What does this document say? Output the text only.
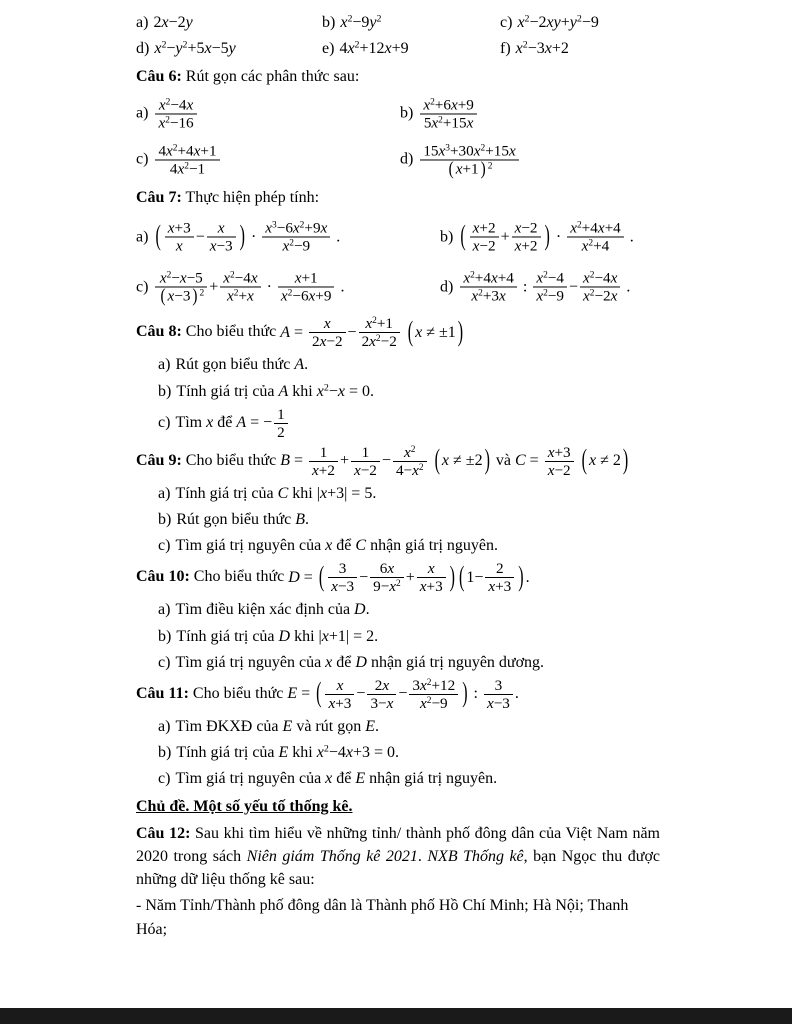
a) 2x−2y	b) $x^2-9y^2$	c) $x^2-2xy+y^2-9$
d) $x^2-y^2+5x-5y$	e) $4x^2+12x+9$	f) $x^2-3x+2$
Câu 6: Rút gọn các phân thức sau:
$a) \frac{x^2-4x}{x^2-16}$	$b) \frac{x^2+6x+9}{5x^2+15x}$
$c) \frac{4x^2+4x+1}{4x^2-1}$	$d) \frac{15x^3+30x^2+15x}{( x+1 ) ^2}$
Câu 7: Thực hiện phép tính:
a) ( $\frac{x+3}{x} - \frac{x}{x-3}$ ) · $\frac{x^3-6x^2+9x}{x^2-9}$ .	b) ( $\frac{x+2}{x-2} + \frac{x-2}{x+2}$ ) · $\frac{x^2+4x+4}{x^2+4}$ .
$c) \frac{x^2-x-5}{( x-3 ) ^2} + \frac{x^2-4x}{x^2+x} \cdot \frac{x+1}{x^2-6x+9}$ .	$d) \frac{x^2+4x+4}{x^2+3x}$ : $\frac{x^2-4}{x^2-9} - \frac{x^2-4x}{x^2-2x}$ .
Câu 8: Cho biểu thức $A = \frac{x}{2x-2} - \frac{x^2+1}{2x^2-2}$ ( x ≠ ±1 )
a) Rút gọn biểu thức A.
b) Tính giá trị của A khi $x^2-x = 0$.
c) Tìm x để A = − $\frac{1}{2}$
Câu 9: Cho biểu thức $B = \frac{1}{x+2} + \frac{1}{x-2} - \frac{x^2}{4-x^2}$ ( x ≠ ±2 ) và $C = \frac{x+3}{x-2}$ ( x ≠ 2 )
a) Tính giá trị của C khi |x+3| = 5.
b) Rút gọn biểu thức B.
c) Tìm giá trị nguyên của x để C nhận giá trị nguyên.
Câu 10: Cho biểu thức D = ( $\frac{3}{x-3} - \frac{6x}{9-x^2} + \frac{x}{x+3}$ ) ( $1- \frac{2}{x+3}$ ) .
a) Tìm điều kiện xác định của D.
b) Tính giá trị của D khi |x+1| = 2.
c) Tìm giá trị nguyên của x để D nhận giá trị nguyên dương.
Câu 11: Cho biểu thức E = ( $\frac{x}{x+3} - \frac{2x}{3-x} - \frac{3x^2+12}{x^2-9}$ ) : $\frac{3}{x-3}$ .
a) Tìm ĐKXĐ của E và rút gọn E.
b) Tính giá trị của E khi $x^2-4x+3 = 0$.
c) Tìm giá trị nguyên của x để E nhận giá trị nguyên.
Chủ đề. Một số yếu tố thống kê.
Câu 12: Sau khi tìm hiểu về những tỉnh/ thành phố đông dân của Việt Nam năm 2020 trong sách Niên giám Thống kê 2021. NXB Thống kê, bạn Ngọc thu được những dữ liệu thống kê sau:
- Năm Tỉnh/Thành phố đông dân là Thành phố Hồ Chí Minh; Hà Nội; Thanh Hóa;
